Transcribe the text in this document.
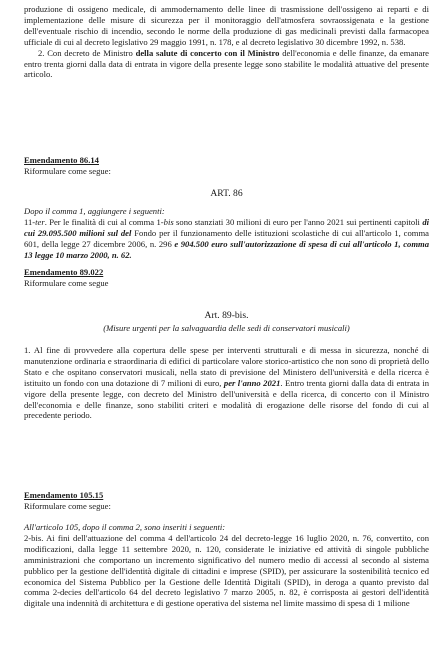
produzione di ossigeno medicale, di ammodernamento delle linee di trasmissione dell'ossigeno ai reparti e di implementazione delle misure di sicurezza per il monitoraggio dell'atmosfera sovraossigenata e la gestione dell'eventuale rischio di incendio, secondo le norme della produzione di gas medicinali previsti dalla farmacopea ufficiale di cui al decreto legislativo 29 maggio 1991, n. 178, e al decreto legislativo 30 dicembre 1992, n. 538.

2. Con decreto de Ministro della salute di concerto con il Ministro dell'economia e delle finanze, da emanare entro trenta giorni dalla data di entrata in vigore della presente legge sono stabilite le modalità attuative del presente articolo.

Emendamento 86.14
Riformulare come segue:
ART. 86

Dopo il comma 1, aggiungere i seguenti:

11-ter. Per le finalità di cui al comma 1-bis sono stanziati 30 milioni di euro per l'anno 2021 sui pertinenti capitoli di cui 29.095.500 milioni sul del Fondo per il funzionamento delle istituzioni scolastiche di cui all'articolo 1, comma 601, della legge 27 dicembre 2006, n. 296 e 904.500 euro sull'autorizzazione di spesa di cui all'articolo 1, comma 13 legge 10 marzo 2000, n. 62.

Emendamento 89.022
Riformulare come segue
Art. 89-bis.

(Misure urgenti per la salvaguardia delle sedi di conservatori musicali)

1. Al fine di provvedere alla copertura delle spese per interventi strutturali e di messa in sicurezza, nonché di manutenzione ordinaria e straordinaria di edifici di particolare valore storico-artistico che non sono di proprietà dello Stato e che ospitano conservatori musicali, nella stato di previsione del Ministero dell'università e della ricerca è istituito un fondo con una dotazione di 7 milioni di euro, per l'anno 2021. Entro trenta giorni dalla data di entrata in vigore della presente legge, con decreto del Ministro dell'università e della ricerca, di concerto con il Ministro dell'economia e delle finanze, sono stabiliti criteri e modalità di erogazione delle risorse del fondo di cui al precedente periodo.

Emendamento 105.15
Riformulare come segue:

All'articolo 105, dopo il comma 2, sono inseriti i seguenti:

2-bis. Ai fini dell'attuazione del comma 4 dell'articolo 24 del decreto-legge 16 luglio 2020, n. 76, convertito, con modificazioni, dalla legge 11 settembre 2020, n. 120, considerate le iniziative ed attività di singole pubbliche amministrazioni che comportano un incremento significativo del numero medio di accessi al secondo al sistema pubblico per la gestione dell'identità digitale di cittadini e imprese (SPID), per assicurare la sostenibilità tecnico ed economica del Sistema Pubblico per la Gestione delle Identità Digitali (SPID), in deroga a quanto previsto dal comma 2-decies dell'articolo 64 del decreto legislativo 7 marzo 2005, n. 82, è corrisposta ai gestori dell'identità digitale una indennità di architettura e di gestione operativa del sistema nel limite massimo di spesa di 1 milione
